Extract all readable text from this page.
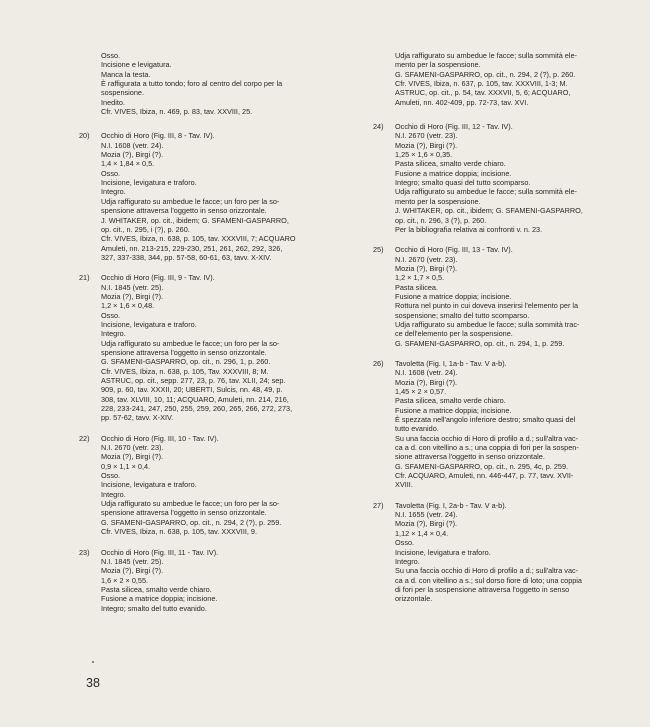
Osso.
Incisione e levigatura.
Manca la testa.
È raffigurata a tutto tondo; foro al centro del corpo per la
sospensione.
Inedito.
Cfr. VIVES, Ibiza, n. 469, p. 83, tav. XXVIII, 25.
20) Occhio di Horo (Fig. III, 8 - Tav. IV).
N.I. 1608 (vetr. 24).
Mozia (?), Birgi (?).
1,4 × 1,84 × 0,5.
Osso.
Incisione, levigatura e traforo.
Integro.
Udja raffigurato su ambedue le facce; un foro per la so-
spensione attraversa l'oggetto in senso orizzontale.
J. WHITAKER, op. cit., ibidem; G. SFAMENI-GASPARRO,
op. cit., n. 295, i (?), p. 260.
Cfr. VIVES, Ibiza, n. 638, p. 105, tav. XXXVIII, 7; ACQUARO
Amuleti, nn. 213-215, 229-230, 251, 261, 262, 292, 326,
327, 337-338, 344, pp. 57-58, 60-61, 63, tavv. X-XIV.
21) Occhio di Horo (Fig. III, 9 - Tav. IV).
N.I. 1845 (vetr. 25).
Mozia (?), Birgi (?).
1,2 × 1,6 × 0,48.
Osso.
Incisione, levigatura e traforo.
Integro.
Udja raffigurato su ambedue le facce; un foro per la so-
spensione attraversa l'oggetto in senso orizzontale.
G. SFAMENI-GASPARRO, op. cit., n. 296, 1, p. 260.
Cfr. VIVES, Ibiza, n. 638, p. 105, Tav. XXXVIII, 8; M.
ASTRUC, op. cit., sepp. 277, 23, p. 76, tav. XLII, 24; sep.
909, p. 60, tav. XXXII, 20; UBERTI, Sulcis, nn. 48, 49, p.
308, tav. XLVIII, 10, 11; ACQUARO, Amuleti, nn. 214, 216,
228, 233-241, 247, 250, 255, 259, 260, 265, 266, 272, 273,
pp. 57-62, tavv. X-XIV.
22) Occhio di Horo (Fig. III, 10 - Tav. IV).
N.I. 2670 (vetr. 23).
Mozia (?), Birgi (?).
0,9 × 1,1 × 0,4.
Osso.
Incisione, levigatura e traforo.
Integro.
Udja raffigurato su ambedue le facce; un foro per la so-
spensione attraversa l'oggetto in senso orizzontale.
G. SFAMENI-GASPARRO, op. cit., n. 294, 2 (?), p. 259.
Cfr. VIVES, Ibiza, n. 638, p. 105, tav. XXXVIII, 9.
23) Occhio di Horo (Fig. III, 11 - Tav. IV).
N.I. 1845 (vetr. 25).
Mozia (?), Birgi (?).
1,6 × 2 × 0,55.
Pasta silicea, smalto verde chiaro.
Fusione a matrice doppia; incisione.
Integro; smalto del tutto evanido.
Udja raffigurato su ambedue le facce; sulla sommità ele-
mento per la sospensione.
G. SFAMENI-GASPARRO, op. cit., n. 294, 2 (?), p. 260.
Cfr. VIVES, Ibiza, n. 637, p. 105, tav. XXXVIII, 1-3; M.
ASTRUC, op. cit., p. 54, tav. XXXVII, 5, 6; ACQUARO,
Amuleti, nn. 402-409, pp. 72-73, tav. XVI.
24) Occhio di Horo (Fig. III, 12 - Tav. IV).
N.I. 2670 (vetr. 23).
Mozia (?), Birgi (?).
1,25 × 1,6 × 0,35.
Pasta silicea, smalto verde chiaro.
Fusione a matrice doppia; incisione.
Integro; smalto quasi del tutto scomparso.
Udja raffigurato su ambedue le facce; sulla sommità ele-
mento per la sospensione.
J. WHITAKER, op. cit., ibidem; G. SFAMENI-GASPARRO,
op. cit., n. 296, 3 (?), p. 260.
Per la bibliografia relativa ai confronti v. n. 23.
25) Occhio di Horo (Fig. III, 13 - Tav. IV).
N.I. 2670 (vetr. 23).
Mozia (?), Birgi (?).
1,2 × 1,7 × 0,5.
Pasta silicea.
Fusione a matrice doppia; incisione.
Rottura nel punto in cui doveva inserirsi l'elemento per la
sospensione; smalto del tutto scomparso.
Udja raffigurato su ambedue le facce; sulla sommità trac-
ce dell'elemento per la sospensione.
G. SFAMENI-GASPARRO, op. cit., n. 294, 1, p. 259.
26) Tavoletta (Fig. I, 1a-b - Tav. V a-b).
N.I. 1608 (vetr. 24).
Mozia (?), Birgi (?).
1,45 × 2 × 0,57.
Pasta silicea, smalto verde chiaro.
Fusione a matrice doppia; incisione.
È spezzata nell'angolo inferiore destro; smalto quasi del
tutto evanido.
Su una faccia occhio di Horo di profilo a d.; sull'altra vac-
ca a d. con vitellino a s.; una coppia di fori per la sospen-
sione attraversa l'oggetto in senso orizzontale.
G. SFAMENI-GASPARRO, op. cit., n. 295, 4c, p. 259.
Cfr. ACQUARO, Amuleti, nn. 446-447, p. 77, tavv. XVII-
XVIII.
27) Tavoletta (Fig. I, 2a-b - Tav. V a-b).
N.I. 1655 (vetr. 24).
Mozia (?), Birgi (?).
1,12 × 1,4 × 0,4.
Osso.
Incisione, levigatura e traforo.
Integro.
Su una faccia occhio di Horo di profilo a d.; sull'altra vac-
ca a d. con vitellino a s.; sul dorso fiore di loto; una coppia
di fori per la sospensione attraversa l'oggetto in senso
orizzontale.
38
